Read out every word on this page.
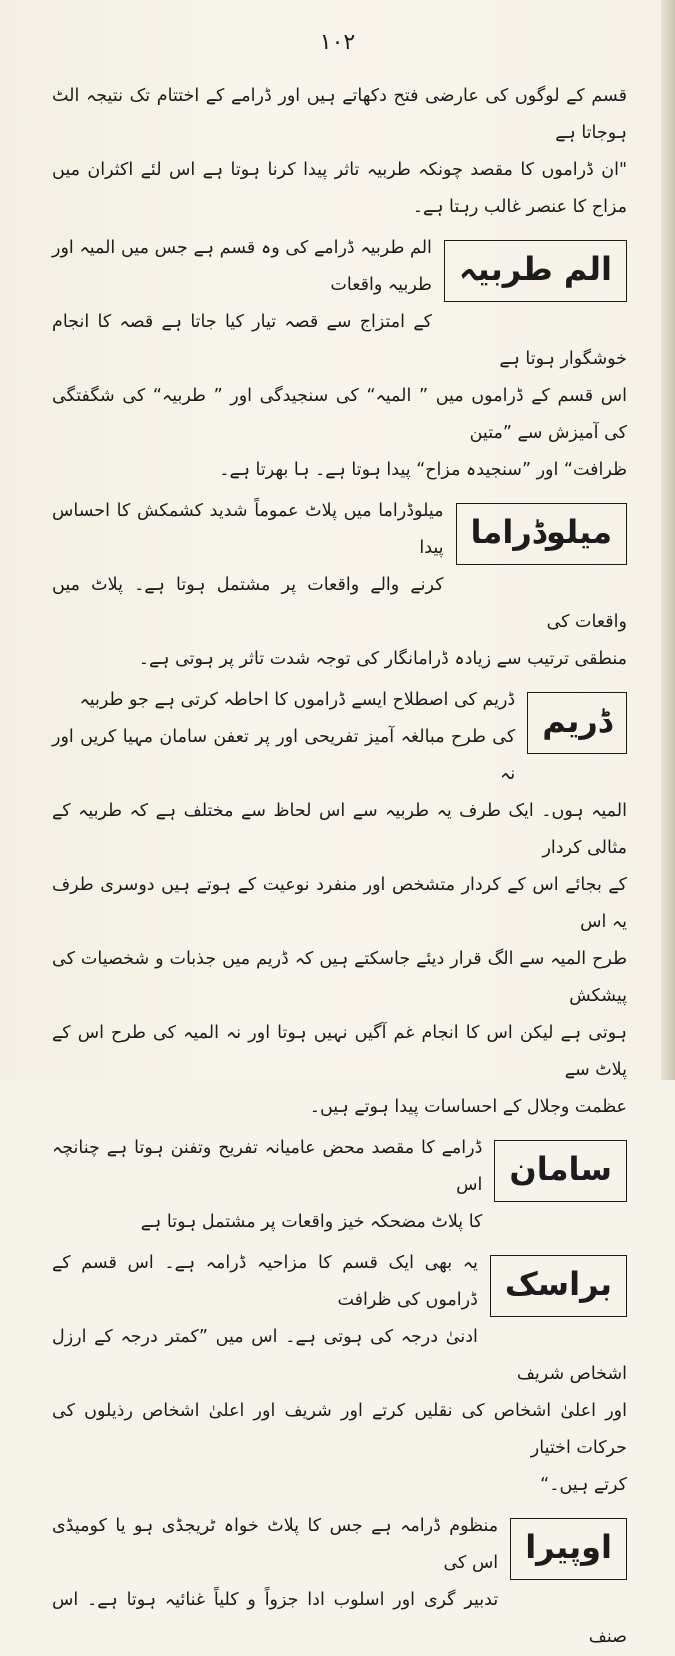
۱۰۲
قسم کے لوگوں کی عارضی فتح دکھاتے ہیں اور ڈرامے کے اختتام تک نتیجہ الٹ ہوجاتا ہے
"ان ڈراموں کا مقصد چونکہ طربیہ تاثر پیدا کرنا ہوتا ہے اس لئے اکثران میں مزاح کا عنصر غالب رہتا ہے۔
الم طربیہ
الم طربیہ ڈرامے کی وہ قسم ہے جس میں المیہ اور طربیہ واقعات
کے امتزاج سے قصہ تیار کیا جاتا ہے قصہ کا انجام خوشگوار ہوتا ہے
اس قسم کے ڈراموں میں ” المیہ“ کی سنجیدگی اور ” طربیہ“ کی شگفتگی کی آمیزش سے ”متین
ظرافت“ اور ”سنجیدہ مزاح“ پیدا ہوتا ہے۔ ہا بھرتا ہے۔
میلوڈراما
میلوڈراما میں پلاٹ عموماً شدید کشمکش کا احساس پیدا
کرنے والے واقعات پر مشتمل ہوتا ہے۔ پلاٹ میں واقعات کی
منطقی ترتیب سے زیادہ ڈرامانگار کی توجہ شدت تاثر پر ہوتی ہے۔
ڈریم
ڈریم کی اصطلاح ایسے ڈراموں کا احاطہ کرتی ہے جو طربیہ
کی طرح مبالغہ آمیز تفریحی اور پر تعفن سامان مہیا کریں اور نہ
المیہ ہوں۔ ایک طرف یہ طربیہ سے اس لحاظ سے مختلف ہے کہ طربیہ کے مثالی کردار
کے بجائے اس کے کردار متشخص اور منفرد نوعیت کے ہوتے ہیں دوسری طرف یہ اس
طرح المیہ سے الگ قرار دیئے جاسکتے ہیں کہ ڈریم میں جذبات و شخصیات کی پیشکش
ہوتی ہے لیکن اس کا انجام غم آگیں نہیں ہوتا اور نہ المیہ کی طرح اس کے پلاٹ سے
عظمت وجلال کے احساسات پیدا ہوتے ہیں۔
سامان
ڈرامے کا مقصد محض عامیانہ تفریح وتفنن ہوتا ہے چنانچہ اس
کا پلاٹ مضحکہ خیز واقعات پر مشتمل ہوتا ہے
براسک
یہ بھی ایک قسم کا مزاحیہ ڈرامہ ہے۔ اس قسم کے ڈراموں کی ظرافت
ادنیٰ درجہ کی ہوتی ہے۔ اس میں ”کمتر درجہ کے ارزل اشخاص شریف
اور اعلیٰ اشخاص کی نقلیں کرتے اور شریف اور اعلیٰ اشخاص رذیلوں کی حرکات اختیار
کرتے ہیں۔“
اوپیرا
منظوم ڈرامہ ہے جس کا پلاٹ خواہ ٹریجڈی ہو یا کومیڈی اس کی
تدبیر گری اور اسلوب ادا جزواً و کلیاً غنائیہ ہوتا ہے۔ اس صنف
